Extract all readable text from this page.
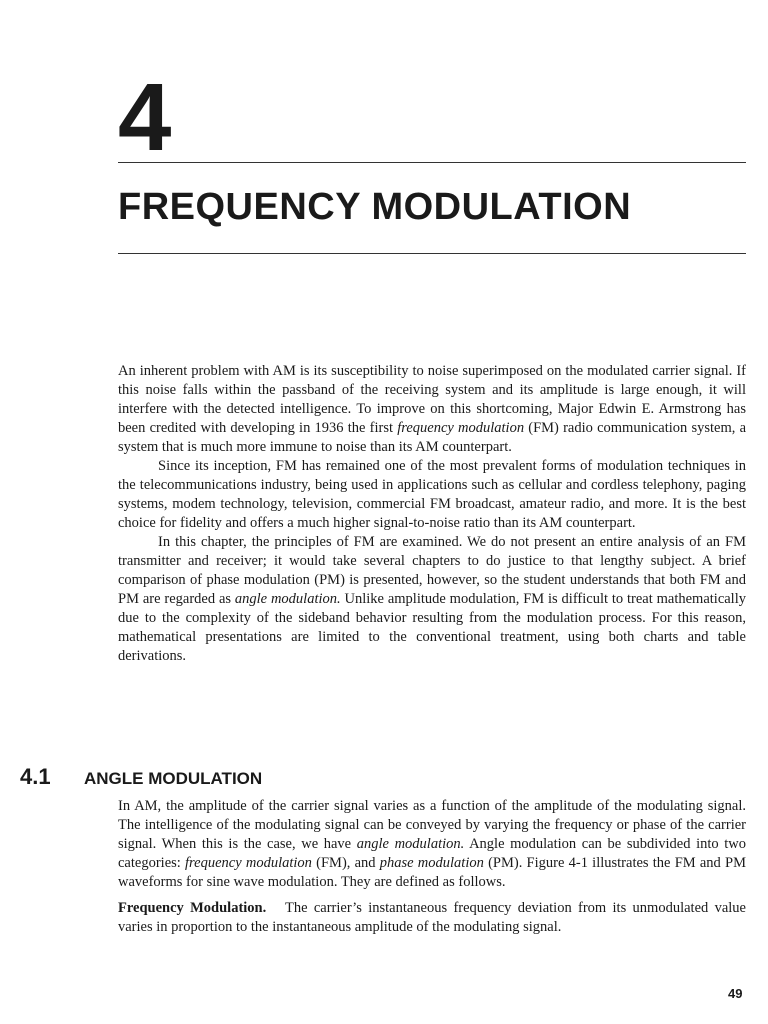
4
FREQUENCY MODULATION

An inherent problem with AM is its susceptibility to noise superimposed on the modulated carrier signal. If this noise falls within the passband of the receiving system and its amplitude is large enough, it will interfere with the detected intelligence. To improve on this shortcoming, Major Edwin E. Armstrong has been credited with developing in 1936 the first frequency modulation (FM) radio communication system, a system that is much more immune to noise than its AM counterpart.

Since its inception, FM has remained one of the most prevalent forms of modulation techniques in the telecommunications industry, being used in applications such as cellular and cordless telephony, paging systems, modem technology, television, commercial FM broadcast, amateur radio, and more. It is the best choice for fidelity and offers a much higher signal-to-noise ratio than its AM counterpart.

In this chapter, the principles of FM are examined. We do not present an entire analysis of an FM transmitter and receiver; it would take several chapters to do justice to that lengthy subject. A brief comparison of phase modulation (PM) is presented, however, so the student understands that both FM and PM are regarded as angle modulation. Unlike amplitude modulation, FM is difficult to treat mathematically due to the complexity of the sideband behavior resulting from the modulation process. For this reason, mathematical presentations are limited to the conventional treatment, using both charts and table derivations.

4.1 ANGLE MODULATION

In AM, the amplitude of the carrier signal varies as a function of the amplitude of the modulating signal. The intelligence of the modulating signal can be conveyed by varying the frequency or phase of the carrier signal. When this is the case, we have angle modulation. Angle modulation can be subdivided into two categories: frequency modulation (FM), and phase modulation (PM). Figure 4-1 illustrates the FM and PM waveforms for sine wave modulation. They are defined as follows.

Frequency Modulation. The carrier’s instantaneous frequency deviation from its unmodulated value varies in proportion to the instantaneous amplitude of the modulating signal.

49
